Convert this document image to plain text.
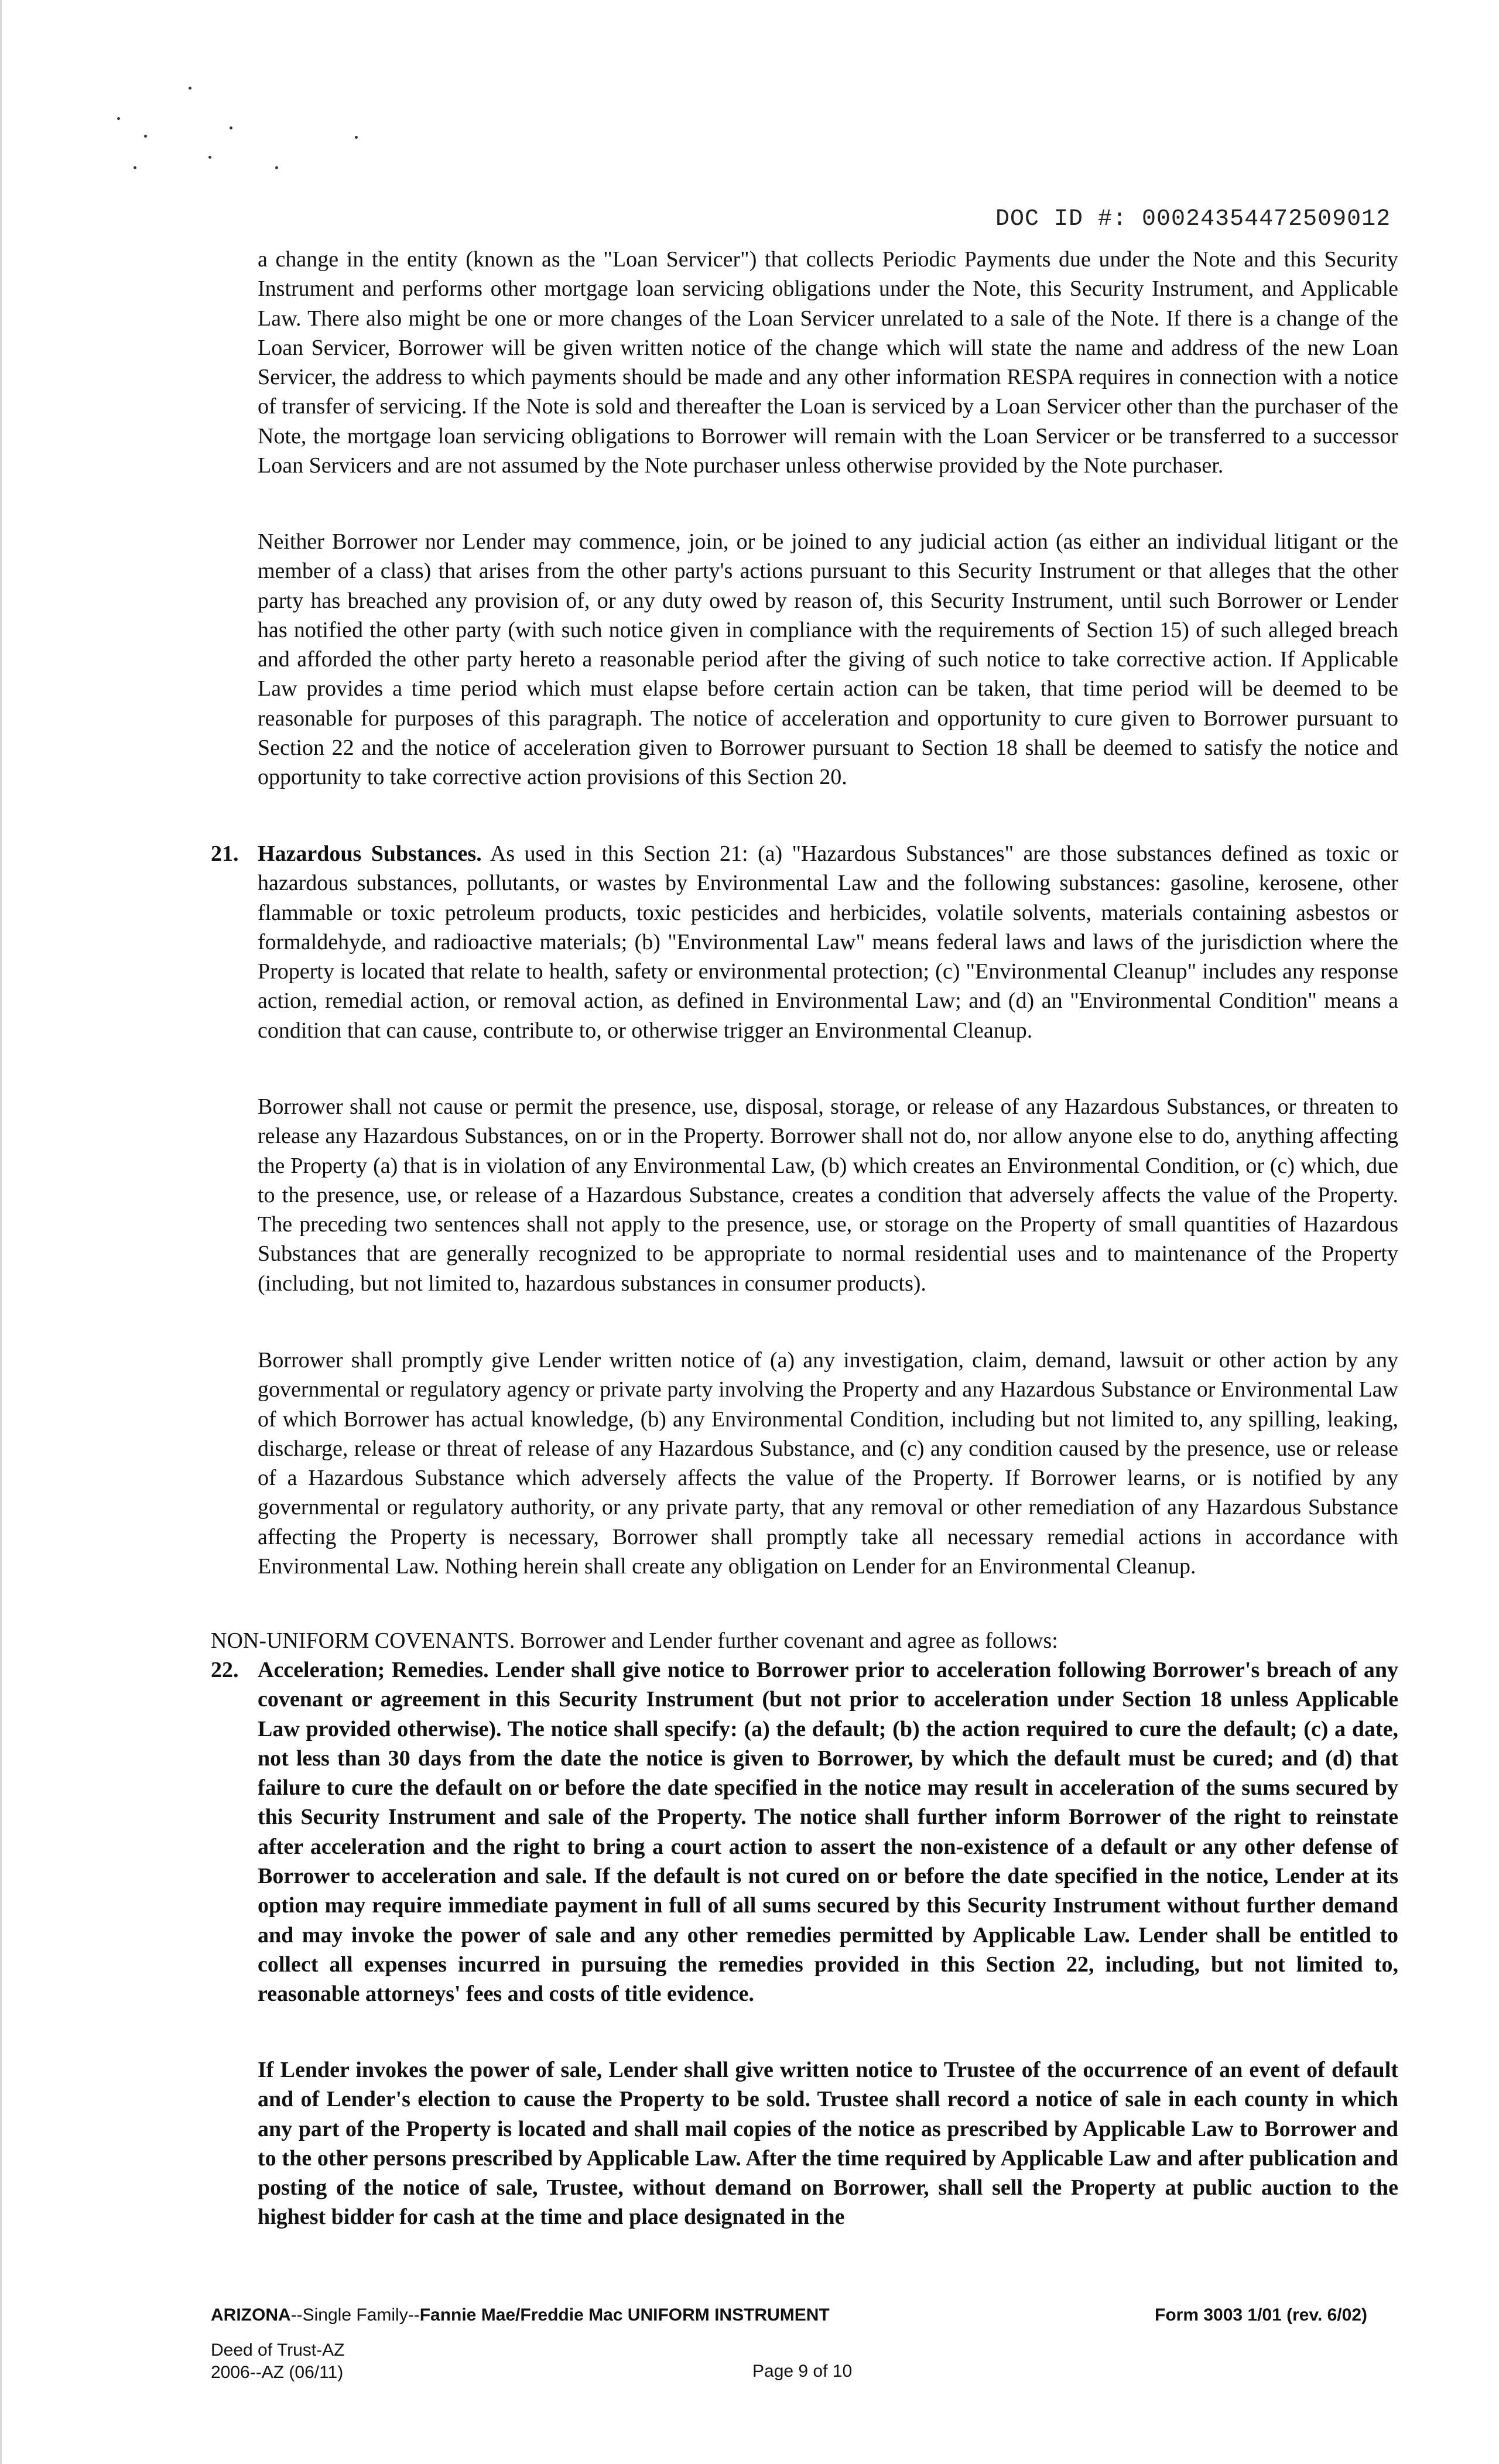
DOC ID #: 00024354472509012

a change in the entity (known as the "Loan Servicer") that collects Periodic Payments due under the Note and this Security Instrument and performs other mortgage loan servicing obligations under the Note, this Security Instrument, and Applicable Law. There also might be one or more changes of the Loan Servicer unrelated to a sale of the Note. If there is a change of the Loan Servicer, Borrower will be given written notice of the change which will state the name and address of the new Loan Servicer, the address to which payments should be made and any other information RESPA requires in connection with a notice of transfer of servicing. If the Note is sold and thereafter the Loan is serviced by a Loan Servicer other than the purchaser of the Note, the mortgage loan servicing obligations to Borrower will remain with the Loan Servicer or be transferred to a successor Loan Servicers and are not assumed by the Note purchaser unless otherwise provided by the Note purchaser.

Neither Borrower nor Lender may commence, join, or be joined to any judicial action (as either an individual litigant or the member of a class) that arises from the other party's actions pursuant to this Security Instrument or that alleges that the other party has breached any provision of, or any duty owed by reason of, this Security Instrument, until such Borrower or Lender has notified the other party (with such notice given in compliance with the requirements of Section 15) of such alleged breach and afforded the other party hereto a reasonable period after the giving of such notice to take corrective action. If Applicable Law provides a time period which must elapse before certain action can be taken, that time period will be deemed to be reasonable for purposes of this paragraph. The notice of acceleration and opportunity to cure given to Borrower pursuant to Section 22 and the notice of acceleration given to Borrower pursuant to Section 18 shall be deemed to satisfy the notice and opportunity to take corrective action provisions of this Section 20.

21. Hazardous Substances. As used in this Section 21: (a) "Hazardous Substances" are those substances defined as toxic or hazardous substances, pollutants, or wastes by Environmental Law and the following substances: gasoline, kerosene, other flammable or toxic petroleum products, toxic pesticides and herbicides, volatile solvents, materials containing asbestos or formaldehyde, and radioactive materials; (b) "Environmental Law" means federal laws and laws of the jurisdiction where the Property is located that relate to health, safety or environmental protection; (c) "Environmental Cleanup" includes any response action, remedial action, or removal action, as defined in Environmental Law; and (d) an "Environmental Condition" means a condition that can cause, contribute to, or otherwise trigger an Environmental Cleanup.

Borrower shall not cause or permit the presence, use, disposal, storage, or release of any Hazardous Substances, or threaten to release any Hazardous Substances, on or in the Property. Borrower shall not do, nor allow anyone else to do, anything affecting the Property (a) that is in violation of any Environmental Law, (b) which creates an Environmental Condition, or (c) which, due to the presence, use, or release of a Hazardous Substance, creates a condition that adversely affects the value of the Property. The preceding two sentences shall not apply to the presence, use, or storage on the Property of small quantities of Hazardous Substances that are generally recognized to be appropriate to normal residential uses and to maintenance of the Property (including, but not limited to, hazardous substances in consumer products).

Borrower shall promptly give Lender written notice of (a) any investigation, claim, demand, lawsuit or other action by any governmental or regulatory agency or private party involving the Property and any Hazardous Substance or Environmental Law of which Borrower has actual knowledge, (b) any Environmental Condition, including but not limited to, any spilling, leaking, discharge, release or threat of release of any Hazardous Substance, and (c) any condition caused by the presence, use or release of a Hazardous Substance which adversely affects the value of the Property. If Borrower learns, or is notified by any governmental or regulatory authority, or any private party, that any removal or other remediation of any Hazardous Substance affecting the Property is necessary, Borrower shall promptly take all necessary remedial actions in accordance with Environmental Law. Nothing herein shall create any obligation on Lender for an Environmental Cleanup.

NON-UNIFORM COVENANTS. Borrower and Lender further covenant and agree as follows:
22. Acceleration; Remedies. Lender shall give notice to Borrower prior to acceleration following Borrower's breach of any covenant or agreement in this Security Instrument (but not prior to acceleration under Section 18 unless Applicable Law provided otherwise). The notice shall specify: (a) the default; (b) the action required to cure the default; (c) a date, not less than 30 days from the date the notice is given to Borrower, by which the default must be cured; and (d) that failure to cure the default on or before the date specified in the notice may result in acceleration of the sums secured by this Security Instrument and sale of the Property. The notice shall further inform Borrower of the right to reinstate after acceleration and the right to bring a court action to assert the non-existence of a default or any other defense of Borrower to acceleration and sale. If the default is not cured on or before the date specified in the notice, Lender at its option may require immediate payment in full of all sums secured by this Security Instrument without further demand and may invoke the power of sale and any other remedies permitted by Applicable Law. Lender shall be entitled to collect all expenses incurred in pursuing the remedies provided in this Section 22, including, but not limited to, reasonable attorneys' fees and costs of title evidence.

If Lender invokes the power of sale, Lender shall give written notice to Trustee of the occurrence of an event of default and of Lender's election to cause the Property to be sold. Trustee shall record a notice of sale in each county in which any part of the Property is located and shall mail copies of the notice as prescribed by Applicable Law to Borrower and to the other persons prescribed by Applicable Law. After the time required by Applicable Law and after publication and posting of the notice of sale, Trustee, without demand on Borrower, shall sell the Property at public auction to the highest bidder for cash at the time and place designated in the

ARIZONA--Single Family--Fannie Mae/Freddie Mac UNIFORM INSTRUMENT	Form 3003 1/01 (rev. 6/02)
Deed of Trust-AZ
2006--AZ (06/11)	Page 9 of 10
